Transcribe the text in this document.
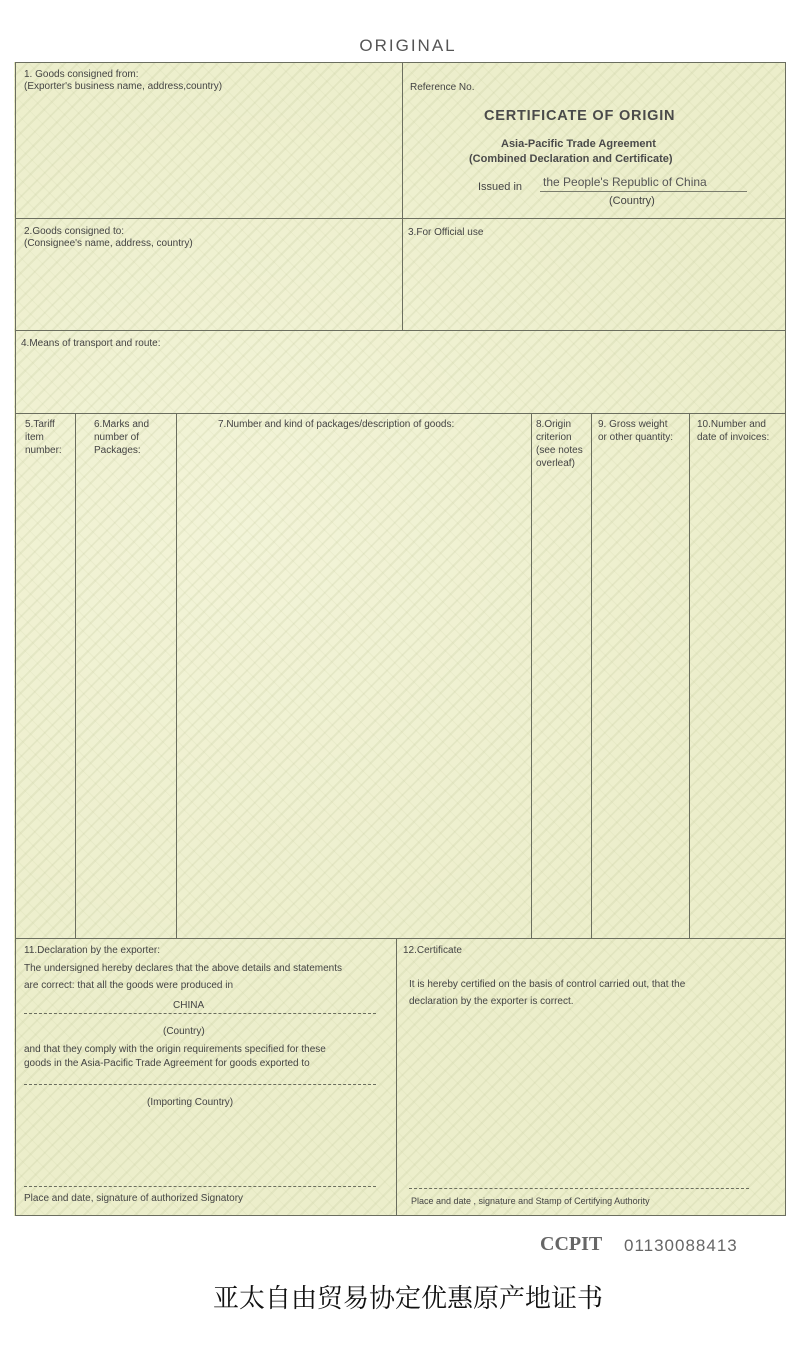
ORIGINAL
1. Goods consigned from:
(Exporter's business name, address,country)	Reference No.
CERTIFICATE OF ORIGIN
Asia-Pacific Trade Agreement
(Combined Declaration and Certificate)
Issued in the People's Republic of China
(Country)
2.Goods consigned to:
(Consignee's name, address, country)
3.For Official use
4.Means of transport and route:
5.Tariff
item
number:
6.Marks and
number of
Packages:
7.Number and kind of packages/description of goods:	8.Origin
criterion
(see notes
overleaf)
9. Gross weight
or other quantity:
10.Number and
date of invoices:
11.Declaration by the exporter:
The undersigned hereby declares that the above details and statements
are correct: that all the goods were produced in
CHINA
(Country)
and that they comply with the origin requirements specified for these
goods in the Asia-Pacific Trade Agreement for goods exported to
(Importing Country)
Place and date, signature of authorized Signatory
12.Certificate
It is hereby certified on the basis of control carried out, that the
declaration by the exporter is correct.
Place and date , signature and Stamp of Certifying Authority
CCPIT 01130088413
亚太自由贸易协定优惠原产地证书
